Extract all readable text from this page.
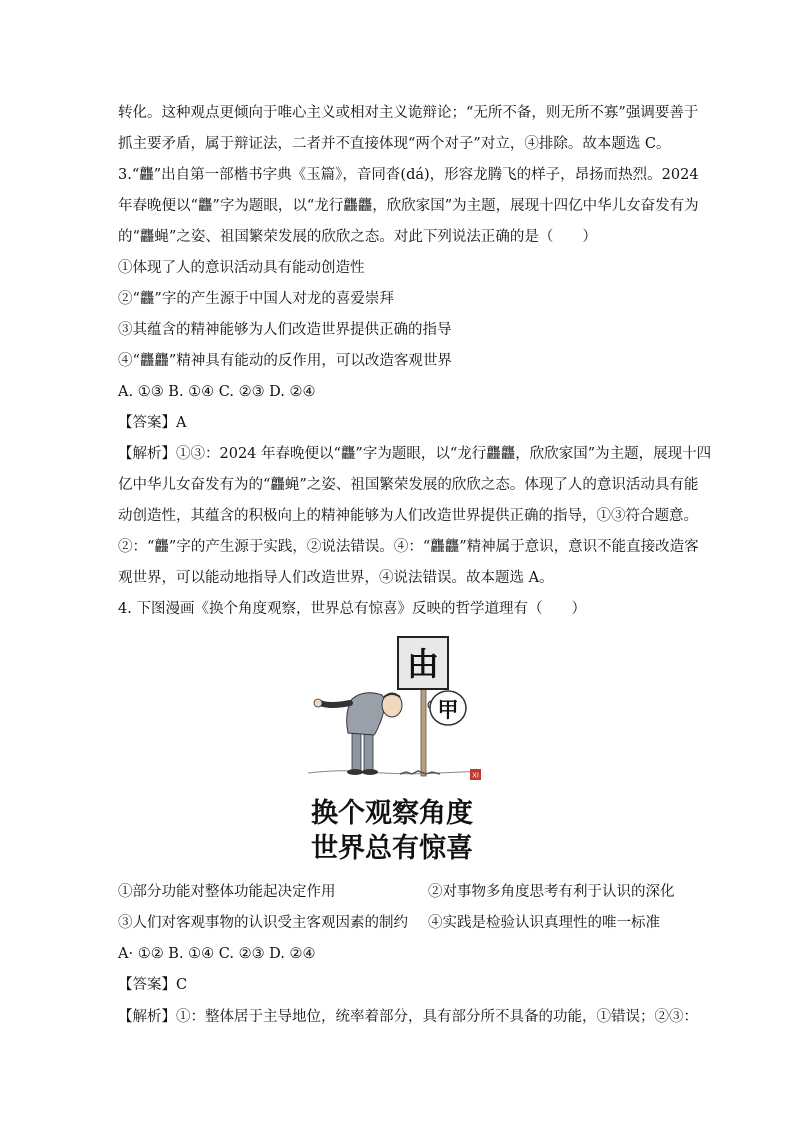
转化。这种观点更倾向于唯心主义或相对主义诡辩论；“无所不备，则无所不寡”强调要善于
抓主要矛盾，属于辩证法，二者并不直接体现“两个对子”对立，④排除。故本题选 C。
3.“龘”出自第一部楷书字典《玉篇》，音同沓(dá)，形容龙腾飞的样子，昂扬而热烈。2024
年春晚便以“龘”字为题眼，以“龙行龘龘，欣欣家国”为主题，展现十四亿中华儿女奋发有为
的“龘蝇”之姿、祖国繁荣发展的欣欣之态。对此下列说法正确的是（　　）
①体现了人的意识活动具有能动创造性
②“龘”字的产生源于中国人对龙的喜爱崇拜
③其蕴含的精神能够为人们改造世界提供正确的指导
④“龘龘”精神具有能动的反作用，可以改造客观世界
A. ①③ B. ①④ C. ②③ D. ②④
【答案】A
【解析】①③：2024 年春晚便以“龘”字为题眼，以“龙行龘龘，欣欣家国”为主题，展现十四
亿中华儿女奋发有为的“龘蝇”之姿、祖国繁荣发展的欣欣之态。体现了人的意识活动具有能
动创造性，其蕴含的积极向上的精神能够为人们改造世界提供正确的指导，①③符合题意。
②：“龘”字的产生源于实践，②说法错误。④：“龘龘”精神属于意识，意识不能直接改造客
观世界，可以能动地指导人们改造世界，④说法错误。故本题选 A。
4. 下图漫画《换个角度观察，世界总有惊喜》反映的哲学道理有（　　）
由
甲
XI
换个观察角度
世界总有惊喜
①部分功能对整体功能起决定作用	②对事物多角度思考有利于认识的深化
③人们对客观事物的认识受主客观因素的制约 ④实践是检验认识真理性的唯一标准
A· ①② B. ①④ C. ②③ D. ②④
【答案】C
【解析】①：整体居于主导地位，统率着部分，具有部分所不具备的功能，①错误；②③：
